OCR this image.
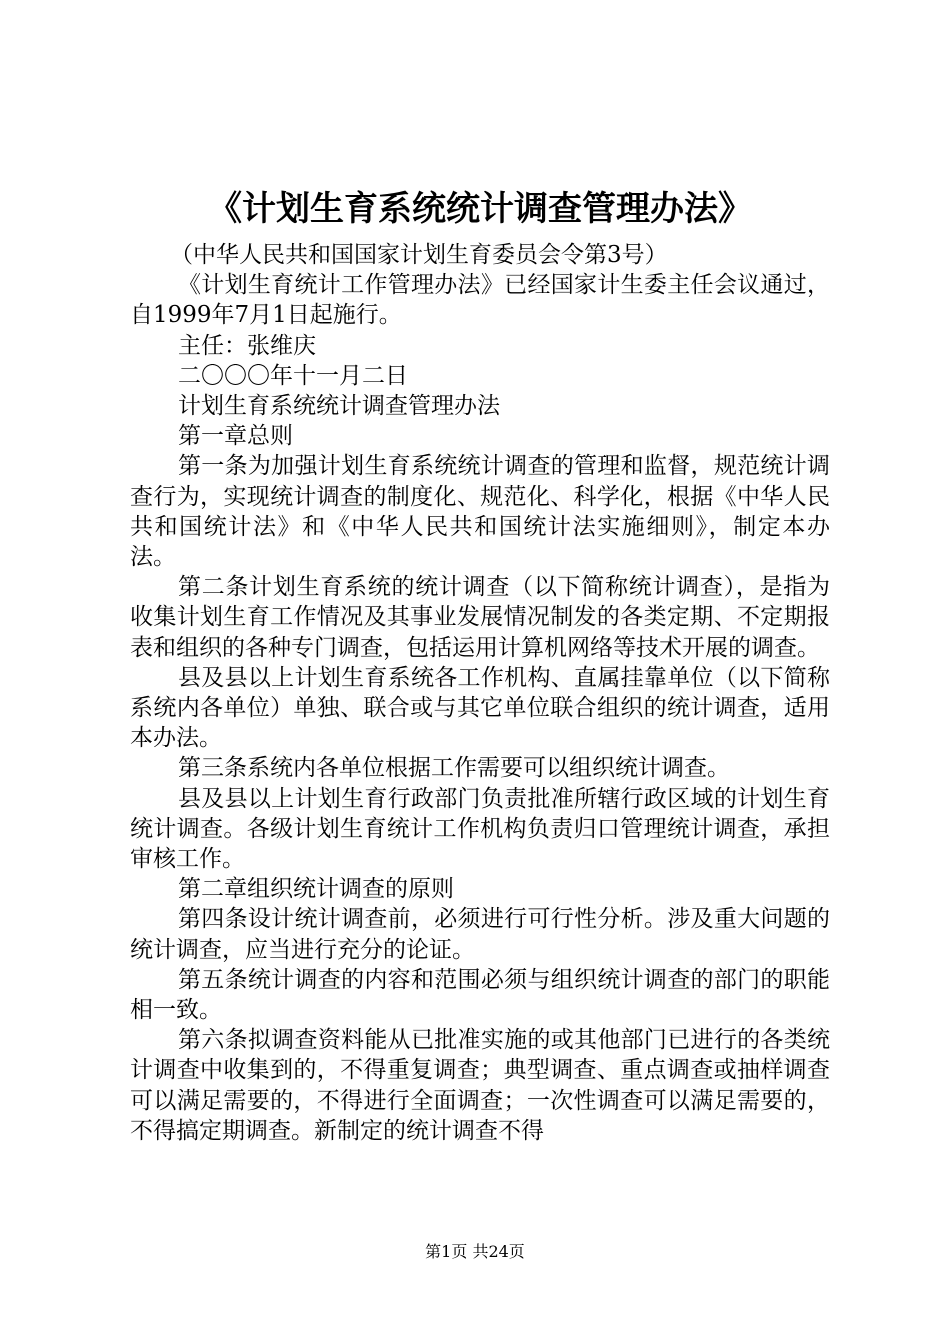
《计划生育系统统计调查管理办法》

（中华人民共和国国家计划生育委员会令第3号）

《计划生育统计工作管理办法》已经国家计生委主任会议通过，自1999年7月1日起施行。

主任：张维庆

二〇〇〇年十一月二日

计划生育系统统计调查管理办法

第一章总则

第一条为加强计划生育系统统计调查的管理和监督，规范统计调查行为，实现统计调查的制度化、规范化、科学化，根据《中华人民共和国统计法》和《中华人民共和国统计法实施细则》，制定本办法。

第二条计划生育系统的统计调查（以下简称统计调查），是指为收集计划生育工作情况及其事业发展情况制发的各类定期、不定期报表和组织的各种专门调查，包括运用计算机网络等技术开展的调查。

县及县以上计划生育系统各工作机构、直属挂靠单位（以下简称系统内各单位）单独、联合或与其它单位联合组织的统计调查，适用本办法。

第三条系统内各单位根据工作需要可以组织统计调查。

县及县以上计划生育行政部门负责批准所辖行政区域的计划生育统计调查。各级计划生育统计工作机构负责归口管理统计调查，承担审核工作。

第二章组织统计调查的原则

第四条设计统计调查前，必须进行可行性分析。涉及重大问题的统计调查，应当进行充分的论证。

第五条统计调查的内容和范围必须与组织统计调查的部门的职能相一致。

第六条拟调查资料能从已批准实施的或其他部门已进行的各类统计调查中收集到的，不得重复调查；典型调查、重点调查或抽样调查可以满足需要的，不得进行全面调查；一次性调查可以满足需要的，不得搞定期调查。新制定的统计调查不得

第1页 共24页
